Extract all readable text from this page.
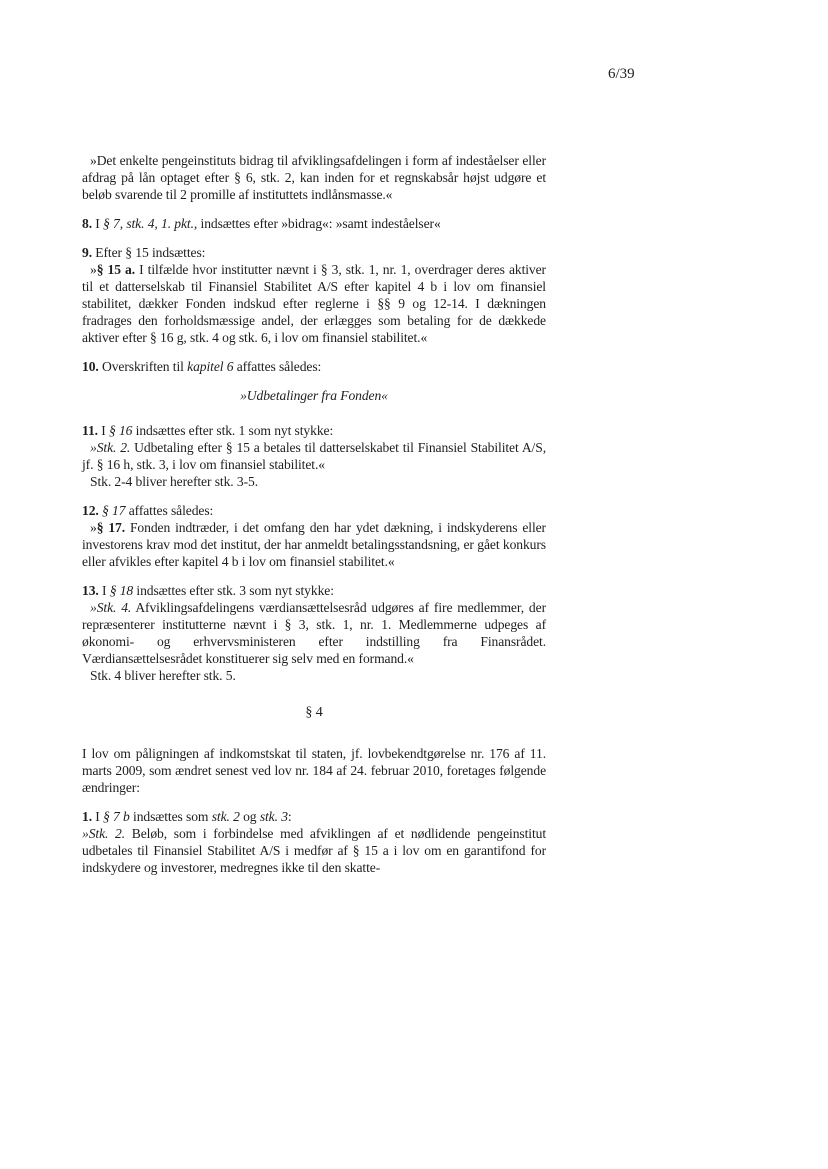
6/39

»Det enkelte pengeinstituts bidrag til afviklingsafdelingen i form af indeståelser eller afdrag på lån optaget efter § 6, stk. 2, kan inden for et regnskabsår højst udgøre et beløb svarende til 2 promille af instituttets indlånsmasse.«

8. I § 7, stk. 4, 1. pkt., indsættes efter »bidrag«: »samt indeståelser«

9. Efter § 15 indsættes:

»§ 15 a. I tilfælde hvor institutter nævnt i § 3, stk. 1, nr. 1, overdrager deres aktiver til et datterselskab til Finansiel Stabilitet A/S efter kapitel 4 b i lov om finansiel stabilitet, dækker Fonden indskud efter reglerne i §§ 9 og 12-14. I dækningen fradrages den forholdsmæssige andel, der erlægges som betaling for de dækkede aktiver efter § 16 g, stk. 4 og stk. 6, i lov om finansiel stabilitet.«

10. Overskriften til kapitel 6 affattes således:

»Udbetalinger fra Fonden«

11. I § 16 indsættes efter stk. 1 som nyt stykke:

»Stk. 2. Udbetaling efter § 15 a betales til datterselskabet til Finansiel Stabilitet A/S, jf. § 16 h, stk. 3, i lov om finansiel stabilitet.«

Stk. 2-4 bliver herefter stk. 3-5.

12. § 17 affattes således:

»§ 17. Fonden indtræder, i det omfang den har ydet dækning, i indskyderens eller investorens krav mod det institut, der har anmeldt betalingsstandsning, er gået konkurs eller afvikles efter kapitel 4 b i lov om finansiel stabilitet.«

13. I § 18 indsættes efter stk. 3 som nyt stykke:

»Stk. 4. Afviklingsafdelingens værdiansættelsesråd udgøres af fire medlemmer, der repræsenterer institutterne nævnt i § 3, stk. 1, nr. 1. Medlemmerne udpeges af økonomi- og erhvervsministeren efter indstilling fra Finansrådet. Værdiansættelsesrådet konstituerer sig selv med en formand.«

Stk. 4 bliver herefter stk. 5.

§ 4

I lov om påligningen af indkomstskat til staten, jf. lovbekendtgørelse nr. 176 af 11. marts 2009, som ændret senest ved lov nr. 184 af 24. februar 2010, foretages følgende ændringer:

1. I § 7 b indsættes som stk. 2 og stk. 3:

»Stk. 2. Beløb, som i forbindelse med afviklingen af et nødlidende pengeinstitut udbetales til Finansiel Stabilitet A/S i medfør af § 15 a i lov om en garantifond for indskydere og investorer, medregnes ikke til den skatte-
